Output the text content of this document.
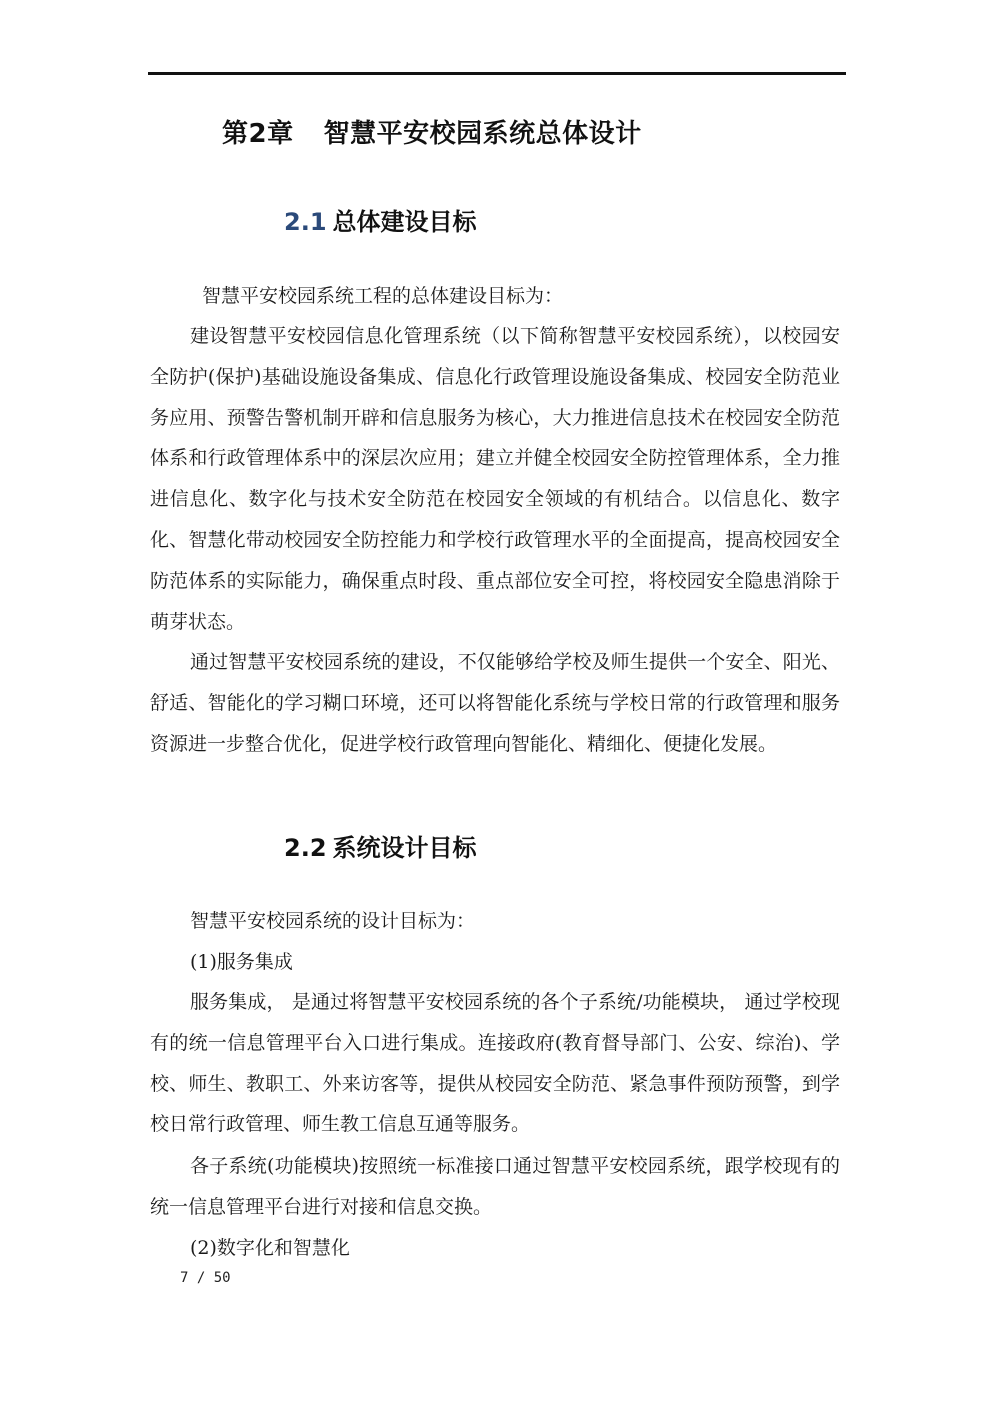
第2章 智慧平安校园系统总体设计
2.1 总体建设目标

智慧平安校园系统工程的总体建设目标为：

建设智慧平安校园信息化管理系统（以下简称智慧平安校园系统），以校园安全防护(保护)基础设施设备集成、信息化行政管理设施设备集成、校园安全防范业务应用、预警告警机制开辟和信息服务为核心，大力推进信息技术在校园安全防范体系和行政管理体系中的深层次应用；建立并健全校园安全防控管理体系，全力推进信息化、数字化与技术安全防范在校园安全领域的有机结合。以信息化、数字化、智慧化带动校园安全防控能力和学校行政管理水平的全面提高，提高校园安全防范体系的实际能力，确保重点时段、重点部位安全可控，将校园安全隐患消除于萌芽状态。

通过智慧平安校园系统的建设，不仅能够给学校及师生提供一个安全、阳光、舒适、智能化的学习糊口环境，还可以将智能化系统与学校日常的行政管理和服务资源进一步整合优化，促进学校行政管理向智能化、精细化、便捷化发展。

2.2 系统设计目标

智慧平安校园系统的设计目标为：

(1)服务集成

服务集成， 是通过将智慧平安校园系统的各个子系统/功能模块， 通过学校现有的统一信息管理平台入口进行集成。连接政府(教育督导部门、公安、综治)、学校、师生、教职工、外来访客等，提供从校园安全防范、紧急事件预防预警，到学校日常行政管理、师生教工信息互通等服务。

各子系统(功能模块)按照统一标准接口通过智慧平安校园系统，跟学校现有的统一信息管理平台进行对接和信息交换。

(2)数字化和智慧化

7 / 50
